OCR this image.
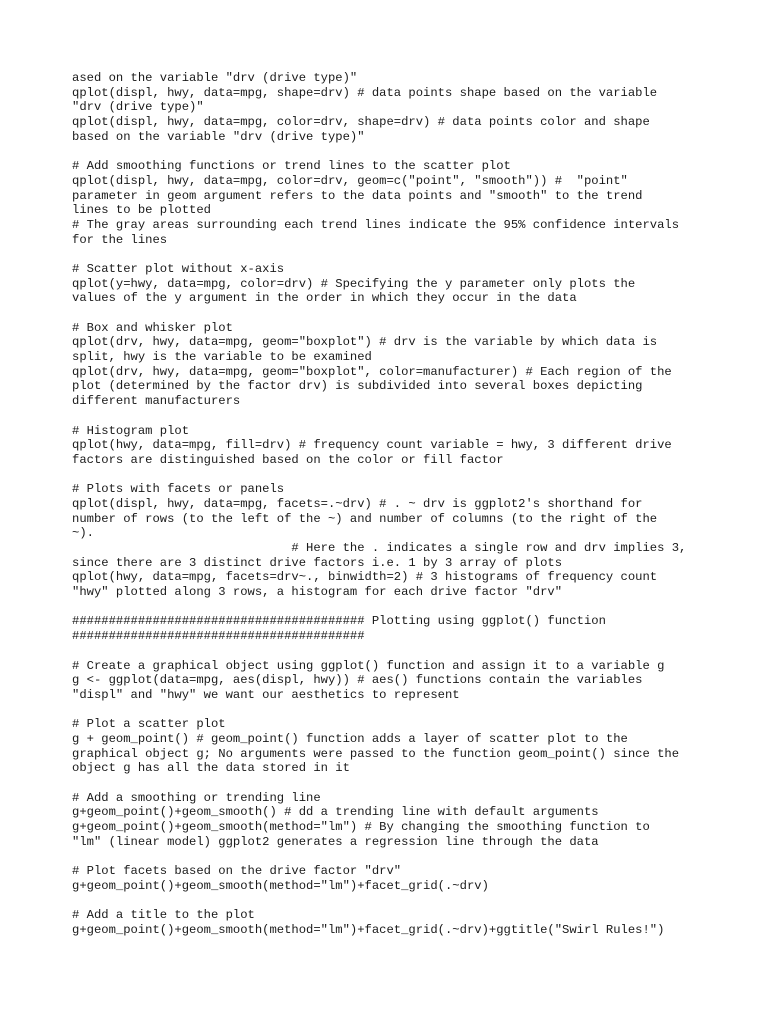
ased on the variable "drv (drive type)"
qplot(displ, hwy, data=mpg, shape=drv) # data points shape based on the variable
"drv (drive type)"
qplot(displ, hwy, data=mpg, color=drv, shape=drv) # data points color and shape
based on the variable "drv (drive type)"
# Add smoothing functions or trend lines to the scatter plot
qplot(displ, hwy, data=mpg, color=drv, geom=c("point", "smooth")) #  "point"
parameter in geom argument refers to the data points and "smooth" to the trend
lines to be plotted
# The gray areas surrounding each trend lines indicate the 95% confidence intervals
for the lines
# Scatter plot without x-axis
qplot(y=hwy, data=mpg, color=drv) # Specifying the y parameter only plots the
values of the y argument in the order in which they occur in the data
# Box and whisker plot
qplot(drv, hwy, data=mpg, geom="boxplot") # drv is the variable by which data is
split, hwy is the variable to be examined
qplot(drv, hwy, data=mpg, geom="boxplot", color=manufacturer) # Each region of the
plot (determined by the factor drv) is subdivided into several boxes depicting
different manufacturers
# Histogram plot
qplot(hwy, data=mpg, fill=drv) # frequency count variable = hwy, 3 different drive
factors are distinguished based on the color or fill factor
# Plots with facets or panels
qplot(displ, hwy, data=mpg, facets=.~drv) # . ~ drv is ggplot2's shorthand for
number of rows (to the left of the ~) and number of columns (to the right of the
~).
# Here the . indicates a single row and drv implies 3,
since there are 3 distinct drive factors i.e. 1 by 3 array of plots
qplot(hwy, data=mpg, facets=drv~., binwidth=2) # 3 histograms of frequency count
"hwy" plotted along 3 rows, a histogram for each drive factor "drv"
######################################## Plotting using ggplot() function
########################################
# Create a graphical object using ggplot() function and assign it to a variable g
g <- ggplot(data=mpg, aes(displ, hwy)) # aes() functions contain the variables
"displ" and "hwy" we want our aesthetics to represent
# Plot a scatter plot
g + geom_point() # geom_point() function adds a layer of scatter plot to the
graphical object g; No arguments were passed to the function geom_point() since the
object g has all the data stored in it
# Add a smoothing or trending line
g+geom_point()+geom_smooth() # dd a trending line with default arguments
g+geom_point()+geom_smooth(method="lm") # By changing the smoothing function to
"lm" (linear model) ggplot2 generates a regression line through the data
# Plot facets based on the drive factor "drv"
g+geom_point()+geom_smooth(method="lm")+facet_grid(.~drv)
# Add a title to the plot
g+geom_point()+geom_smooth(method="lm")+facet_grid(.~drv)+ggtitle("Swirl Rules!")
